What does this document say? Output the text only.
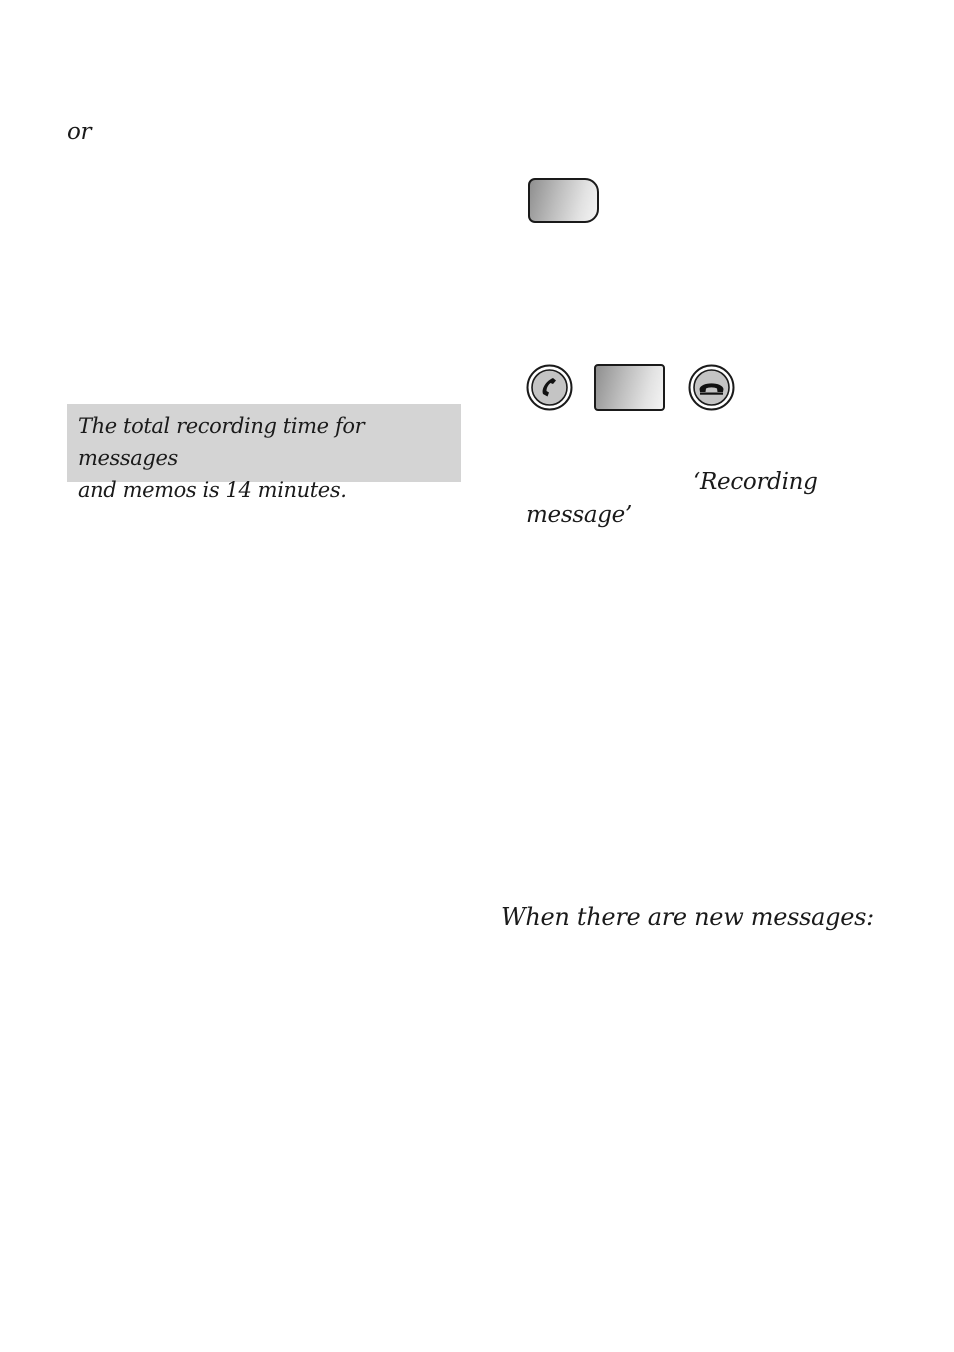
or
The total recording time for messages
and memos is 14 minutes.	‘Recording
message’
When there are new messages:
